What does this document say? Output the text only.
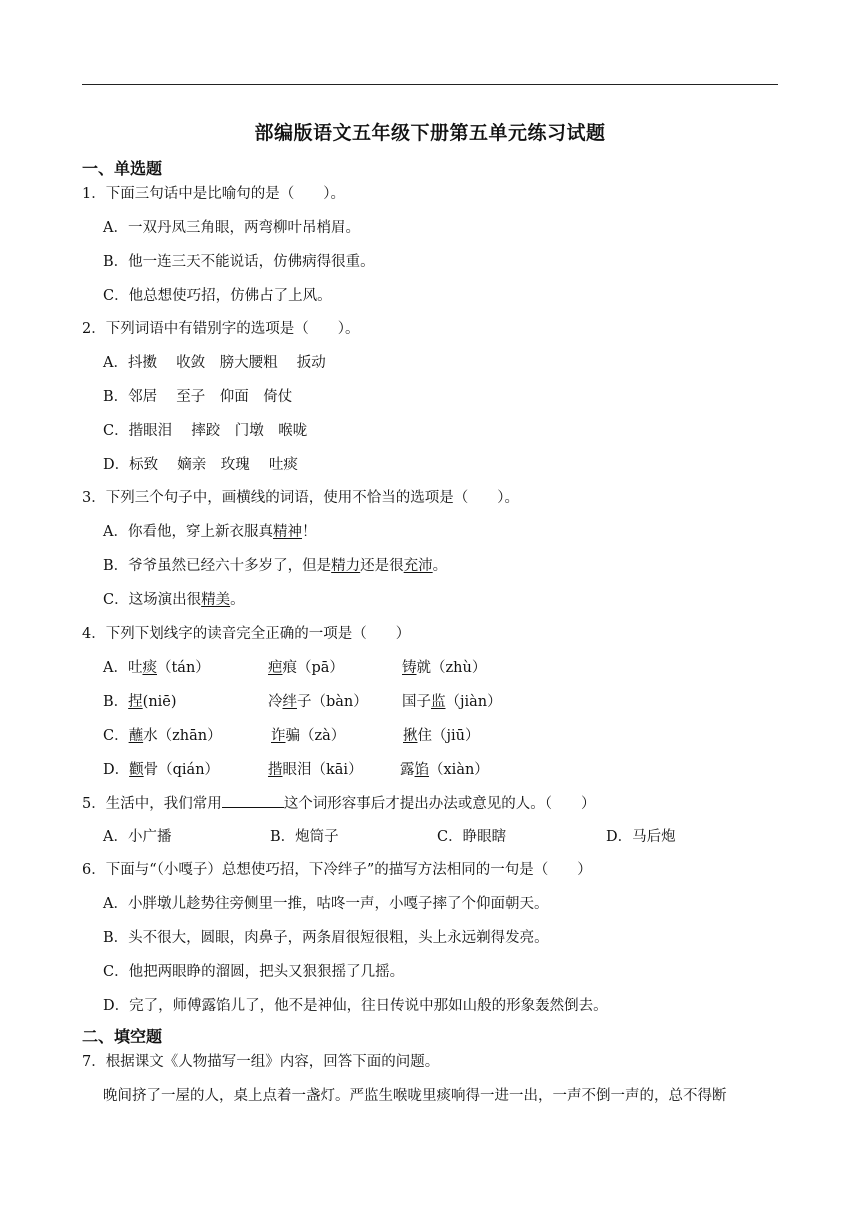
部编版语文五年级下册第五单元练习试题
一、单选题
1．下面三句话中是比喻句的是（　　）。
A．一双丹凤三角眼，两弯柳叶吊梢眉。
B．他一连三天不能说话，仿佛病得很重。
C．他总想使巧招，仿佛占了上风。
2．下列词语中有错别字的选项是（　　）。
A．抖擞　 收敛　膀大腰粗　 扳动
B．邻居　 至子　仰面　倚仗
C．揩眼泪　 摔跤　门墩　喉咙
D．标致　 嫡亲　玫瑰　 吐痰
3．下列三个句子中，画横线的词语，使用不恰当的选项是（　　）。
A．你看他，穿上新衣服真精神！
B．爷爷虽然已经六十多岁了，但是精力还是很充沛。
C．这场演出很精美。
4．下列下划线字的读音完全正确的一项是（　　）
A．吐痰（tán）	疤痕（pā）	铸就（zhù）
B．捏(niē)	冷绊子（bàn） 国子监（jiàn）
C．蘸水（zhān）	诈骗（zà）	揪住（jiū）
D．颧骨（qián）	揩眼泪（kāi）	露馅（xiàn）
5．生活中，我们常用	这个词形容事后才提出办法或意见的人。（　　）
A．小广播	B．炮筒子	C．睁眼瞎	D．马后炮
6．下面与“（小嘎子）总想使巧招，下冷绊子”的描写方法相同的一句是（　　）
A．小胖墩儿趁势往旁侧里一推，咕咚一声，小嘎子摔了个仰面朝天。
B．头不很大，圆眼，肉鼻子，两条眉很短很粗，头上永远剃得发亮。
C．他把两眼睁的溜圆，把头又狠狠摇了几摇。
D．完了，师傅露馅儿了，他不是神仙，往日传说中那如山般的形象轰然倒去。
二、填空题
7．根据课文《人物描写一组》内容，回答下面的问题。
晚间挤了一屋的人，桌上点着一盏灯。严监生喉咙里痰响得一进一出，一声不倒一声的，总不得断
